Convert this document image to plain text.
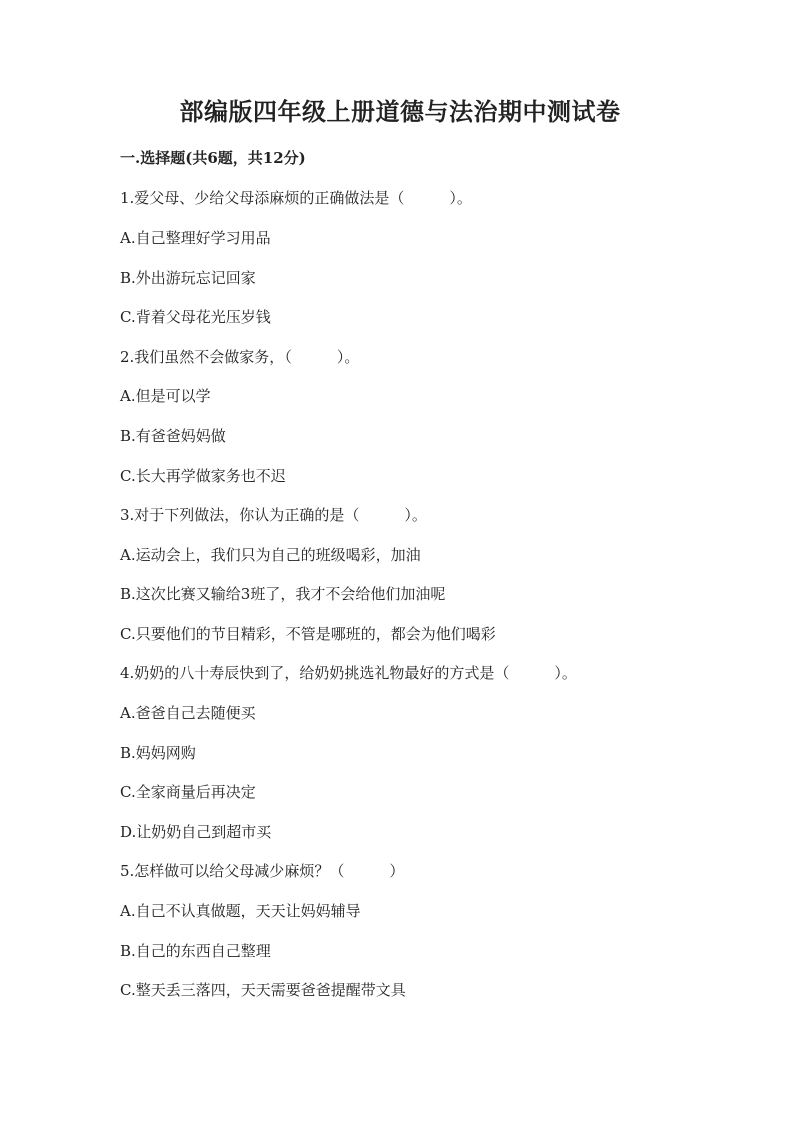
部编版四年级上册道德与法治期中测试卷
一.选择题(共6题，共12分)
1.爱父母、少给父母添麻烦的正确做法是（　　　）。
A.自己整理好学习用品
B.外出游玩忘记回家
C.背着父母花光压岁钱
2.我们虽然不会做家务，（　　　）。
A.但是可以学
B.有爸爸妈妈做
C.长大再学做家务也不迟
3.对于下列做法，你认为正确的是（　　　）。
A.运动会上，我们只为自己的班级喝彩，加油
B.这次比赛又输给3班了，我才不会给他们加油呢
C.只要他们的节目精彩，不管是哪班的，都会为他们喝彩
4.奶奶的八十寿辰快到了，给奶奶挑选礼物最好的方式是（　　　）。
A.爸爸自己去随便买
B.妈妈网购
C.全家商量后再决定
D.让奶奶自己到超市买
5.怎样做可以给父母减少麻烦？（　　　）
A.自己不认真做题，天天让妈妈辅导
B.自己的东西自己整理
C.整天丢三落四，天天需要爸爸提醒带文具
